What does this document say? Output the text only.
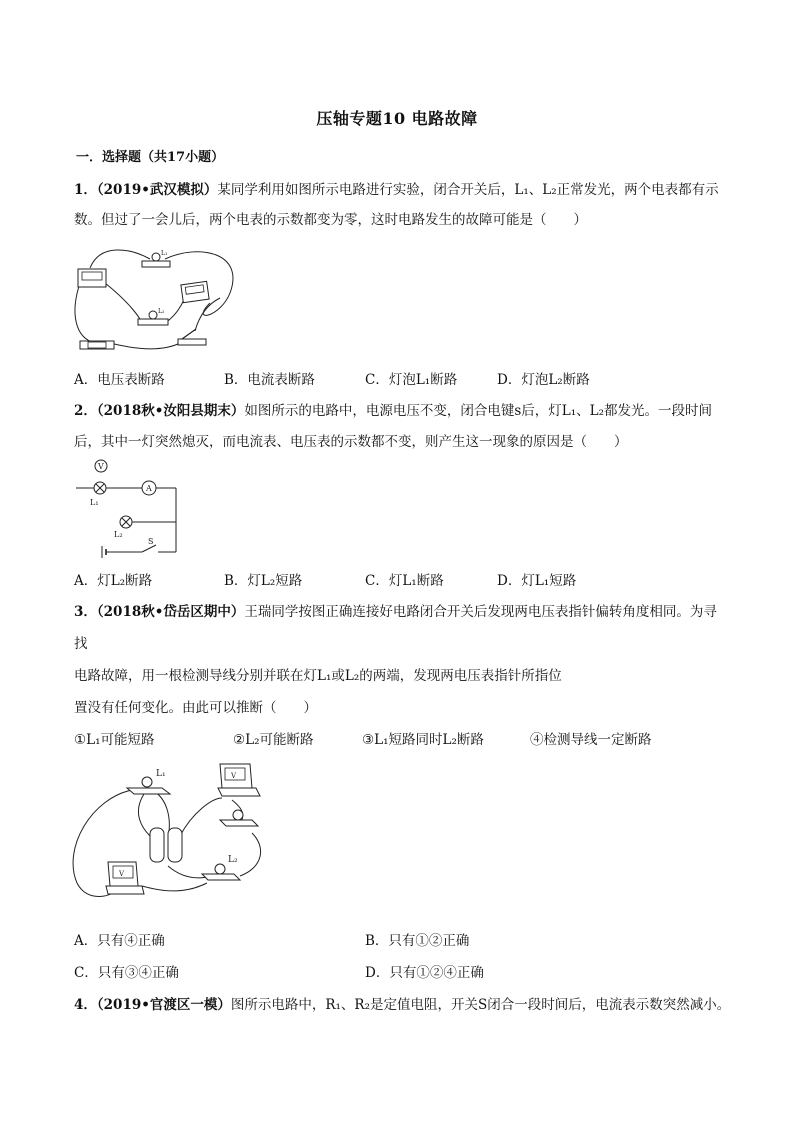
压轴专题10 电路故障
一．选择题（共17小题）
1．（2019•武汉模拟）某同学利用如图所示电路进行实验，闭合开关后，L₁、L₂正常发光，两个电表都有示
数。但过了一会儿后，两个电表的示数都变为零，这时电路发生的故障可能是（　　）
L₁
L₂
A．电压表断路	B．电流表断路	C．灯泡L₁断路	D．灯泡L₂断路
2．（2018秋•汝阳县期末）如图所示的电路中，电源电压不变，闭合电键s后，灯L₁、L₂都发光。一段时间
后，其中一灯突然熄灭，而电流表、电压表的示数都不变，则产生这一现象的原因是（　　）
V
A
L₁
L₂
S
A．灯L₂断路	B．灯L₂短路	C．灯L₁断路	D．灯L₁短路
3．（2018秋•岱岳区期中）王瑞同学按图正确连接好电路闭合开关后发现两电压表指针偏转角度相同。为寻
找
电路故障，用一根检测导线分别并联在灯L₁或L₂的两端，发现两电压表指针所指位
置没有任何变化。由此可以推断（　　）
①L₁可能短路	②L₂可能断路	③L₁短路同时L₂断路	④检测导线一定断路
L₁	V
V
L₂
A．只有④正确	B．只有①②正确
C．只有③④正确	D．只有①②④正确
4．（2019•官渡区一模）图所示电路中，R₁、R₂是定值电阻，开关S闭合一段时间后，电流表示数突然减小。
